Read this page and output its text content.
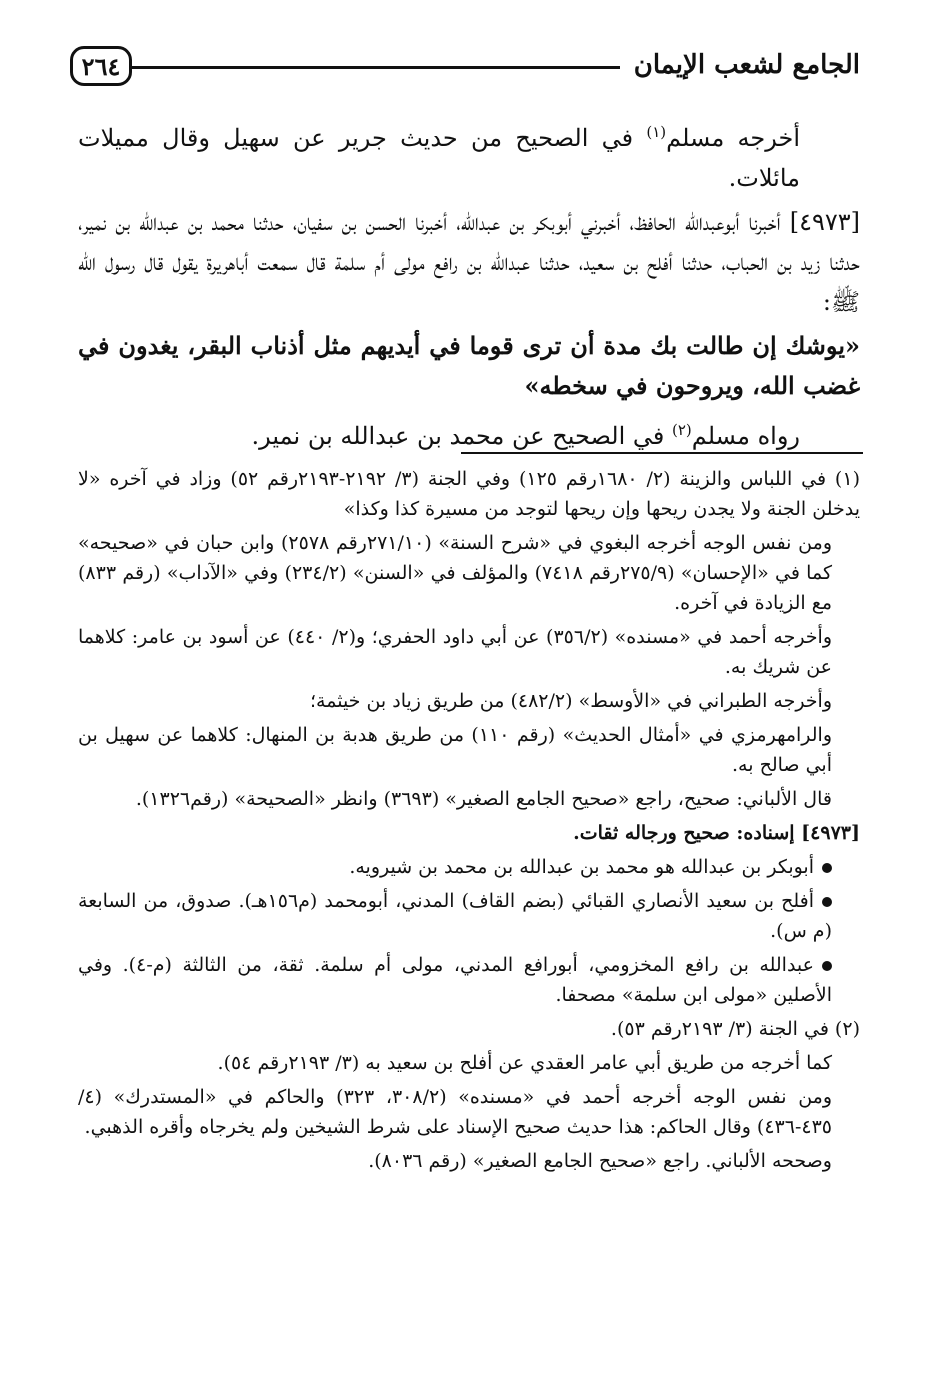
٢٦٤	الجامع لشعب الإيمان

أخرجه مسلم$^{(١)}$ في الصحيح من حديث جرير عن سهيل وقال مميلات مائلات.

[٤٩٧٣] أخبرنا أبوعبدالله الحافظ، أخبرني أبوبكر بن عبدالله، أخبرنا الحسن بن سفيان، حدثنا محمد بن عبدالله بن نمير، حدثنا زيد بن الحباب، حدثنا أفلح بن سعيد، حدثنا عبدالله بن رافع مولى أم سلمة قال سمعت أباهريرة يقول قال رسول الله ﷺ:

«يوشك إن طالت بك مدة أن ترى قوما في أيديهم مثل أذناب البقر، يغدون في غضب الله، ويروحون في سخطه»

رواه مسلم$^{(٢)}$ في الصحيح عن محمد بن عبدالله بن نمير.

(١) في اللباس والزينة (٢/ ١٦٨٠رقم ١٢٥) وفي الجنة (٣/ ٢١٩٢-٢١٩٣رقم ٥٢) وزاد في آخره «لا يدخلن الجنة ولا يجدن ريحها وإن ريحها لتوجد من مسيرة كذا وكذا»

ومن نفس الوجه أخرجه البغوي في «شرح السنة» (٢٧١/١٠رقم ٢٥٧٨) وابن حبان في «صحيحه» كما في «الإحسان» (٢٧٥/٩رقم ٧٤١٨) والمؤلف في «السنن» (٢٣٤/٢) وفي «الآداب» (رقم ٨٣٣) مع الزيادة في آخره.

وأخرجه أحمد في «مسنده» (٣٥٦/٢) عن أبي داود الحفري؛ و(٢/ ٤٤٠) عن أسود بن عامر: كلاهما عن شريك به.

وأخرجه الطبراني في «الأوسط» (٤٨٢/٢) من طريق زياد بن خيثمة؛

والرامهرمزي في «أمثال الحديث» (رقم ١١٠) من طريق هدبة بن المنهال: كلاهما عن سهيل بن أبي صالح به.

قال الألباني: صحيح، راجع «صحيح الجامع الصغير» (٣٦٩٣) وانظر «الصحيحة» (رقم١٣٢٦).

[٤٩٧٣] إسناده: صحيح ورجاله ثقات.

أبوبكر بن عبدالله هو محمد بن عبدالله بن محمد بن شيرويه.

أفلح بن سعيد الأنصاري القبائي (بضم القاف) المدني، أبومحمد (م١٥٦هـ). صدوق، من السابعة (م س).

عبدالله بن رافع المخزومي، أبورافع المدني، مولى أم سلمة. ثقة، من الثالثة (م-٤). وفي الأصلين «مولى ابن سلمة» مصحفا.

(٢) في الجنة (٣/ ٢١٩٣رقم ٥٣).

كما أخرجه من طريق أبي عامر العقدي عن أفلح بن سعيد به (٣/ ٢١٩٣رقم ٥٤).

ومن نفس الوجه أخرجه أحمد في «مسنده» (٣٠٨/٢، ٣٢٣) والحاكم في «المستدرك» (٤/ ٤٣٥-٤٣٦) وقال الحاكم: هذا حديث صحيح الإسناد على شرط الشيخين ولم يخرجاه وأقره الذهبي.

وصححه الألباني. راجع «صحيح الجامع الصغير» (رقم ٨٠٣٦).
